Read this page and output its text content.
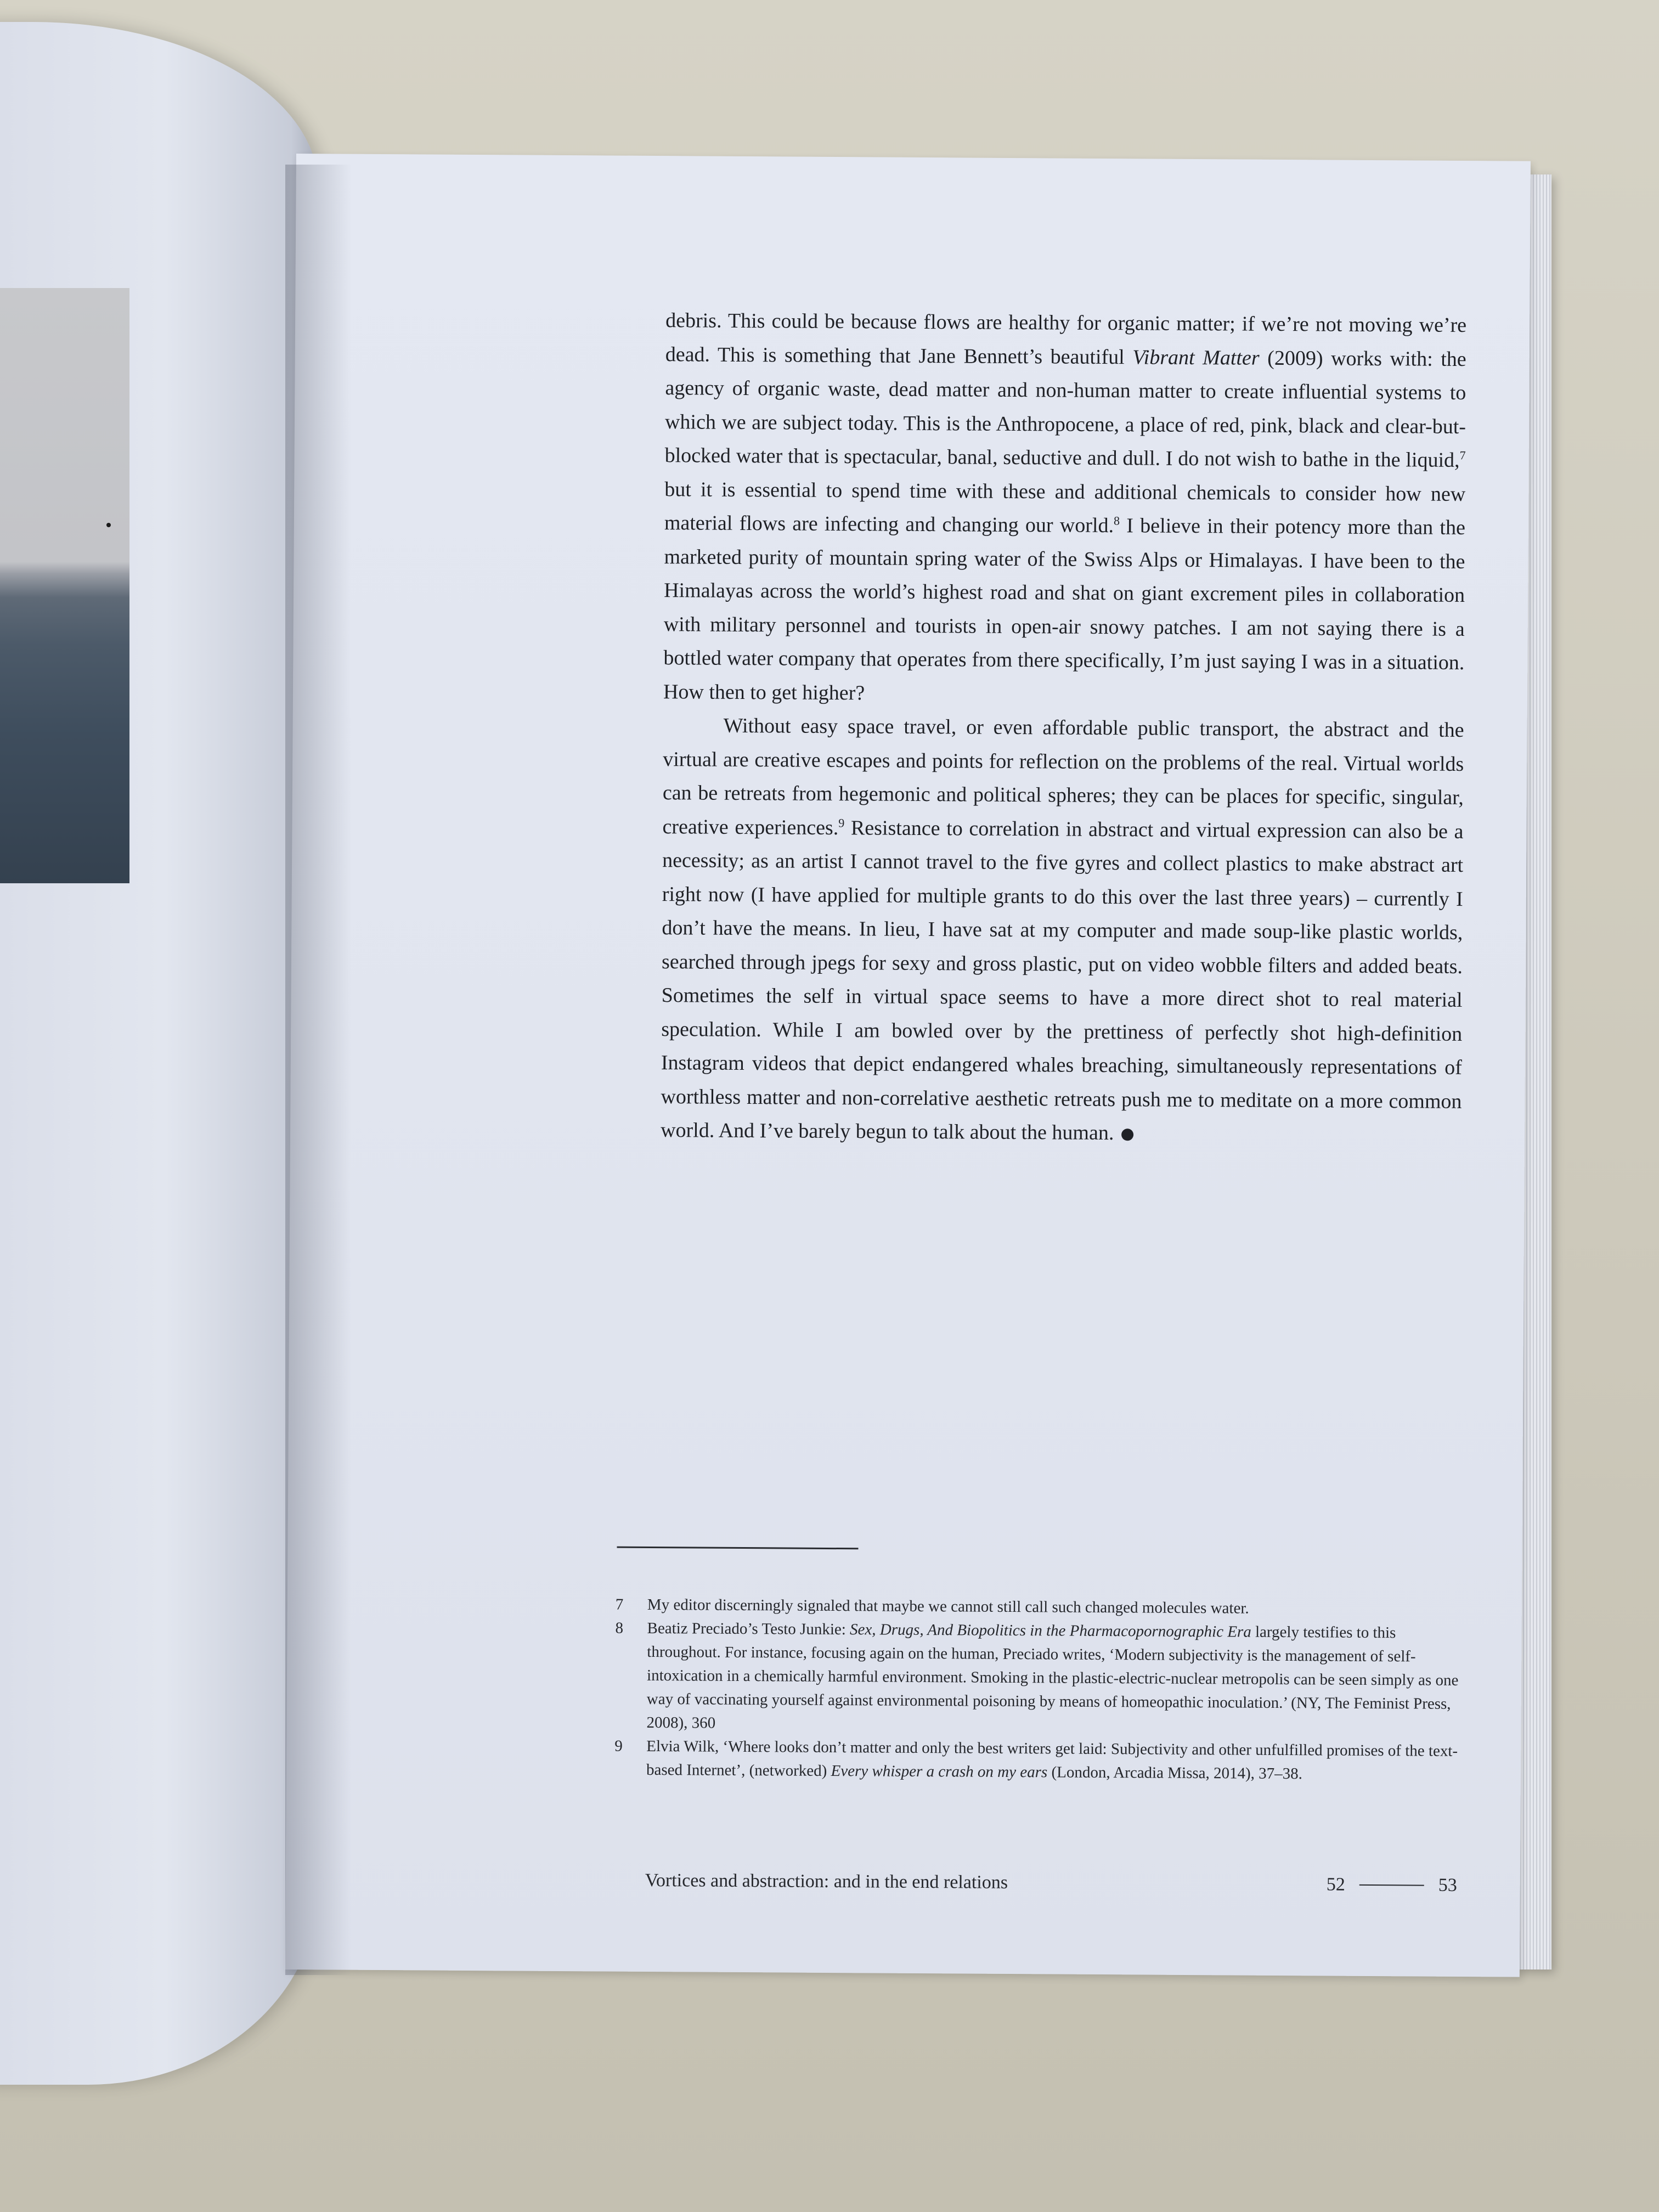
debris. This could be because flows are healthy for organic matter; if we’re not moving we’re dead. This is something that Jane Bennett’s beautiful Vibrant Matter (2009) works with: the agency of organic waste, dead matter and non-human matter to create influential systems to which we are subject today. This is the Anthropocene, a place of red, pink, black and clear-but-blocked water that is spectacular, banal, seductive and dull. I do not wish to bathe in the liquid,$^7$ but it is essential to spend time with these and additional chemicals to consider how new material flows are infecting and changing our world.$^8$ I believe in their potency more than the marketed purity of mountain spring water of the Swiss Alps or Himalayas. I have been to the Himalayas across the world’s highest road and shat on giant excrement piles in collaboration with military personnel and tourists in open-air snowy patches. I am not saying there is a bottled water company that operates from there specifically, I’m just saying I was in a situation. How then to get higher?

Without easy space travel, or even affordable public transport, the abstract and the virtual are creative escapes and points for reflection on the problems of the real. Virtual worlds can be retreats from hegemonic and political spheres; they can be places for specific, singular, creative experiences.$^9$ Resistance to correlation in abstract and virtual expression can also be a necessity; as an artist I cannot travel to the five gyres and collect plastics to make abstract art right now (I have applied for multiple grants to do this over the last three years) – currently I don’t have the means. In lieu, I have sat at my computer and made soup-like plastic worlds, searched through jpegs for sexy and gross plastic, put on video wobble filters and added beats. Sometimes the self in virtual space seems to have a more direct shot to real material speculation. While I am bowled over by the prettiness of perfectly shot high-definition Instagram videos that depict endangered whales breaching, simultaneously representations of worthless matter and non-correlative aesthetic retreats push me to meditate on a more common world. And I’ve barely begun to talk about the human.

7	My editor discerningly signaled that maybe we cannot still call such changed molecules water.
8	Beatiz Preciado’s Testo Junkie: Sex, Drugs, And Biopolitics in the Pharmacopornographic Era largely testifies to this throughout. For instance, focusing again on the human, Preciado writes, ‘Modern subjectivity is the management of self-intoxication in a chemically harmful environment. Smoking in the plastic-electric-nuclear metropolis can be seen simply as one way of vaccinating yourself against environmental poisoning by means of homeopathic inoculation.’ (NY, The Feminist Press, 2008), 360
9	Elvia Wilk, ‘Where looks don’t matter and only the best writers get laid: Subjectivity and other unfulfilled promises of the text-based Internet’, (networked) Every whisper a crash on my ears (London, Arcadia Missa, 2014), 37–38.
Vortices and abstraction: and in the end relations	52	53
